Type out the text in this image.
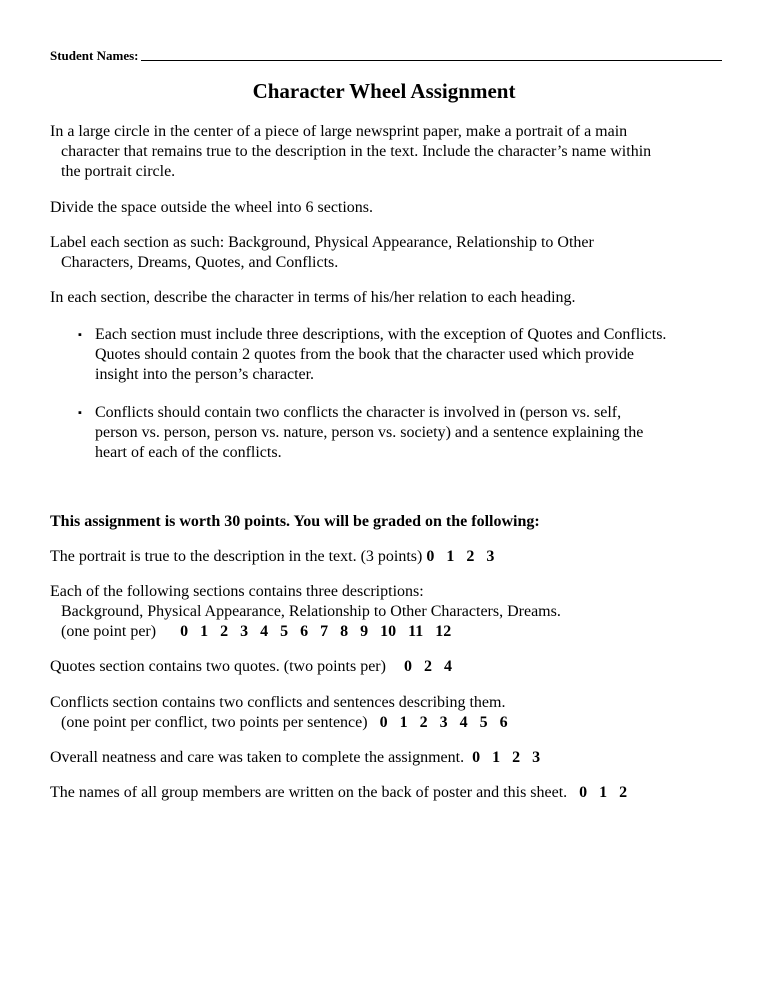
Student Names:
Character Wheel Assignment
In a large circle in the center of a piece of large newsprint paper, make a portrait of a main
character that remains true to the description in the text. Include the character’s name within
the portrait circle.
Divide the space outside the wheel into 6 sections.
Label each section as such: Background, Physical Appearance, Relationship to Other
Characters, Dreams, Quotes, and Conflicts.
In each section, describe the character in terms of his/her relation to each heading.
▪ Each section must include three descriptions, with the exception of Quotes and Conflicts.
Quotes should contain 2 quotes from the book that the character used which provide
insight into the person’s character.
▪ Conflicts should contain two conflicts the character is involved in (person vs. self,
person vs. person, person vs. nature, person vs. society) and a sentence explaining the
heart of each of the conflicts.
This assignment is worth 30 points. You will be graded on the following:
The portrait is true to the description in the text. (3 points) 0   1   2   3
Each of the following sections contains three descriptions:
Background, Physical Appearance, Relationship to Other Characters, Dreams.
(one point per) 0   1   2   3   4   5   6   7   8   9   10   11   12
Quotes section contains two quotes. (two points per) 0   2   4
Conflicts section contains two conflicts and sentences describing them.
(one point per conflict, two points per sentence) 0   1   2   3   4   5   6
Overall neatness and care was taken to complete the assignment. 0   1   2   3
The names of all group members are written on the back of poster and this sheet. 0   1   2
